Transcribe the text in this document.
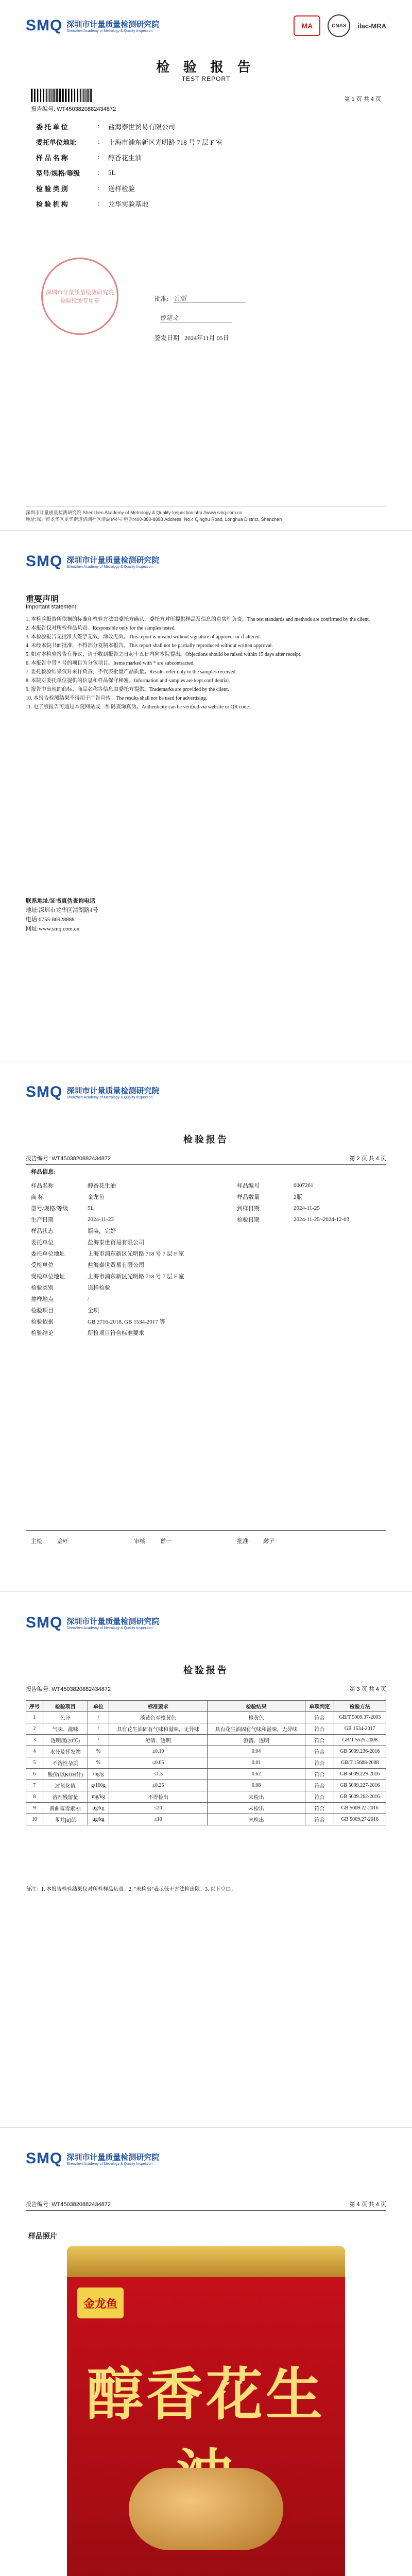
SMQ 深圳市计量质量检测研究院
Shenzhen Academy of Metrology & Quality Inspection
MA	CNAS	ilac-MRA
检 验 报 告
TEST REPORT
报告编号: WT4503820882434872
第 1 页 共 4 页
委 托 单 位	:	盐海泰世贸易有限公司
委托单位地址	:	上海市浦东新区光明路 718 号 7 层 F 室
样 品 名 称	:	醇香花生油
型号/规格/等级	:	5L
检 验 类 别	:	送样检验
检 验 机 构	:	龙华实验基地
深圳市计量质量检测研究院 检验检测专用章	批准: 宫丽
曾建文
签发日期 2024年11月 05日
深圳市计量质量检测研究院 Shenzhen Academy of Metrology & Quality Inspection http://www.smq.com.cn
地址:深圳市龙华区龙华街道清湖社区清湖路4号 电话:400-880-8888 Address: No.4 Qinghu Road, Longhua District, Shenzhen
SMQ 深圳市计量质量检测研究院
Shenzhen Academy of Metrology & Quality Inspection
重要声明
Important statement

1. 本检验报告所依据的标准和检验方法由委托方确认，委托方对所提供样品及信息的真实性负责。The test standards and methods are confirmed by the client.

2. 本报告仅对所检样品负责。Responsible only for the samples tested.

3. 本检验报告无批准人签字无效，涂改无效。This report is invalid without signature of approver or if altered.

4. 未经本院书面批准，不得部分复制本报告。This report shall not be partially reproduced without written approval.

5. 如对本检验报告有异议，请于收到报告之日起十五日内向本院提出。Objections should be raised within 15 days after receipt.

6. 本报告中带 * 号的项目为分包项目。Items marked with * are subcontracted.

7. 委托检验结果仅对来样负责，不代表批量产品质量。Results refer only to the samples received.

8. 本院对委托单位提供的信息和样品保守秘密。Information and samples are kept confidential.

9. 报告中出现的商标、商品名称等信息由委托方提供。Trademarks are provided by the client.

10. 本报告检测结果不得用于广告宣传。The results shall not be used for advertising.

11. 电子版报告可通过本院网站或二维码查询真伪。Authenticity can be verified via website or QR code.

联系地址/证书真伪查询电话
地址:深圳市龙华区清湖路4号
电话:0755-86928888
网址:www.smq.com.cn
SMQ 深圳市计量质量检测研究院
Shenzhen Academy of Metrology & Quality Inspection
检验报告
报告编号: WT4503820882434872	第 2 页 共 4 页
样品信息:
样品名称	醇香花生油	样品编号	0007261
商 标	金龙鱼	样品数量	2瓶
型号/规格/等级	5L	到样日期	2024-11-25
生产日期	2024-11-23	检验日期	2024-11-25~2024-12-03
样品状态	瓶装，完好
委托单位	盐海泰世贸易有限公司
委托单位地址	上海市浦东新区光明路 718 号 7 层 F 室
受检单位	盐海泰世贸易有限公司
受检单位地址	上海市浦东新区光明路 718 号 7 层 F 室
检验类别	送样检验
抽样地点	/
检验项目	全项
检验依据	GB 2716-2018, GB 1534-2017 等
检验结论	所检项目符合标准要求
主检:	金叶	审核:	曾一	批准:	鹤子
SMQ 深圳市计量质量检测研究院
Shenzhen Academy of Metrology & Quality Inspection
检验报告
报告编号: WT4503820882434872	第 3 页 共 4 页
序号	检验项目	单位	标准要求	检验结果	单项判定	检验方法
1	色泽	/	淡黄色至橙黄色	橙黄色	符合	GB/T 5009.37-2003
2	气味、滋味	/	具有花生油固有气味和滋味，无异味	具有花生油固有气味和滋味，无异味	符合	GB 1534-2017
3	透明度(20℃)	/	澄清、透明	澄清、透明	符合	GB/T 5525-2008
4	水分及挥发物	%	≤0.10	0.04	符合	GB 5009.236-2016
5	不溶性杂质	%	≤0.05	0.01	符合	GB/T 15688-2008
6	酸价(以KOH计)	mg/g	≤1.5	0.62	符合	GB 5009.229-2016
7	过氧化值	g/100g	≤0.25	0.08	符合	GB 5009.227-2016
8	溶剂残留量	mg/kg	不得检出	未检出	符合	GB 5009.262-2016
9	黄曲霉毒素B1	μg/kg	≤20	未检出	符合	GB 5009.22-2016
10	苯并[a]芘	μg/kg	≤10	未检出	符合	GB 5009.27-2016
备注：1. 本报告检验结果仅对所检样品负责。2. "未检出"表示低于方法检出限。3. 以下空白。
SMQ 深圳市计量质量检测研究院
Shenzhen Academy of Metrology & Quality Inspection
报告编号: WT4503820882434872	第 4 页 共 4 页
样品照片
金龙鱼
醇香花生
